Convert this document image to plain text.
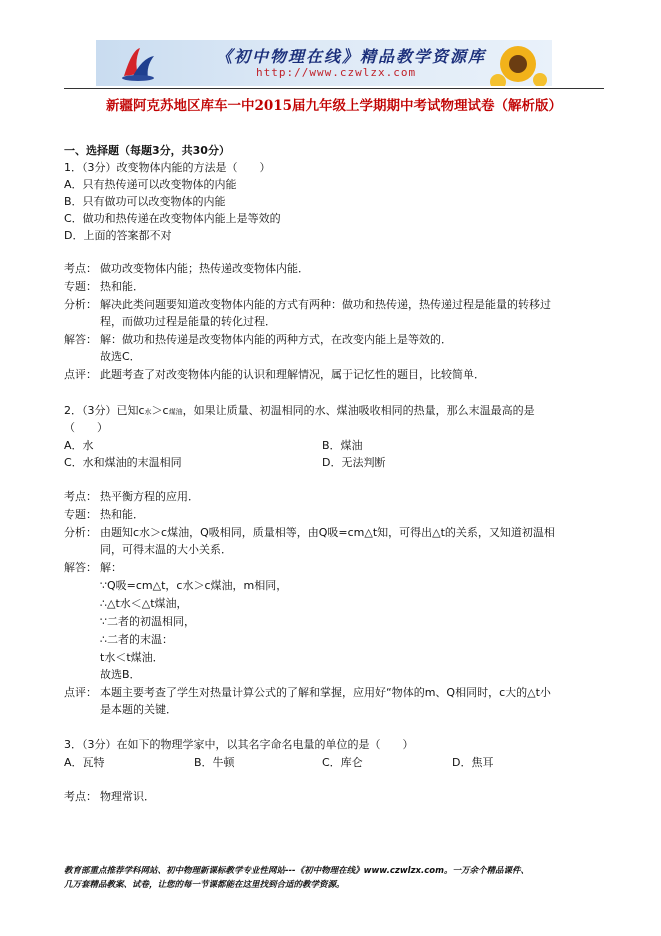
《初中物理在线》精品教学资源库
http://www.czwlzx.com
新疆阿克苏地区库车一中2015届九年级上学期期中考试物理试卷（解析版）
一、选择题（每题3分，共30分）
1．（3分）改变物体内能的方法是（　　）
A．只有热传递可以改变物体的内能
B．只有做功可以改变物体的内能
C．做功和热传递在改变物体内能上是等效的
D．上面的答案都不对
考点： 做功改变物体内能；热传递改变物体内能．
专题： 热和能．
分析： 解决此类问题要知道改变物体内能的方式有两种：做功和热传递，热传递过程是能量的转移过
程，而做功过程是能量的转化过程．
解答： 解：做功和热传递是改变物体内能的两种方式，在改变内能上是等效的．
故选C．
点评： 此题考查了对改变物体内能的认识和理解情况，属于记忆性的题目，比较简单．
2．（3分）已知c水＞c煤油，如果让质量、初温相同的水、煤油吸收相同的热量，那么末温最高的是
（　　）
A．水	B．煤油
C．水和煤油的末温相同	D．无法判断
考点： 热平衡方程的应用．
专题： 热和能．
分析： 由题知c水＞c煤油，Q吸相同，质量相等，由Q吸=cm△t知，可得出△t的关系，又知道初温相
同，可得末温的大小关系．
解答： 解：
∵Q吸=cm△t，c水＞c煤油，m相同，
∴△t水＜△t煤油，
∵二者的初温相同，
∴二者的末温：
t水＜t煤油．
故选B．
点评： 本题主要考查了学生对热量计算公式的了解和掌握，应用好“物体的m、Q相同时，c大的△t小
是本题的关键．
3．（3分）在如下的物理学家中，以其名字命名电量的单位的是（　　）
A．瓦特	B．牛顿	C．库仑	D．焦耳
考点： 物理常识．
教育部重点推荐学科网站、初中物理新课标教学专业性网站---《初中物理在线》www.czwlzx.com。一万余个精品课件、
几万套精品教案、试卷，让您的每一节课都能在这里找到合适的教学资源。
